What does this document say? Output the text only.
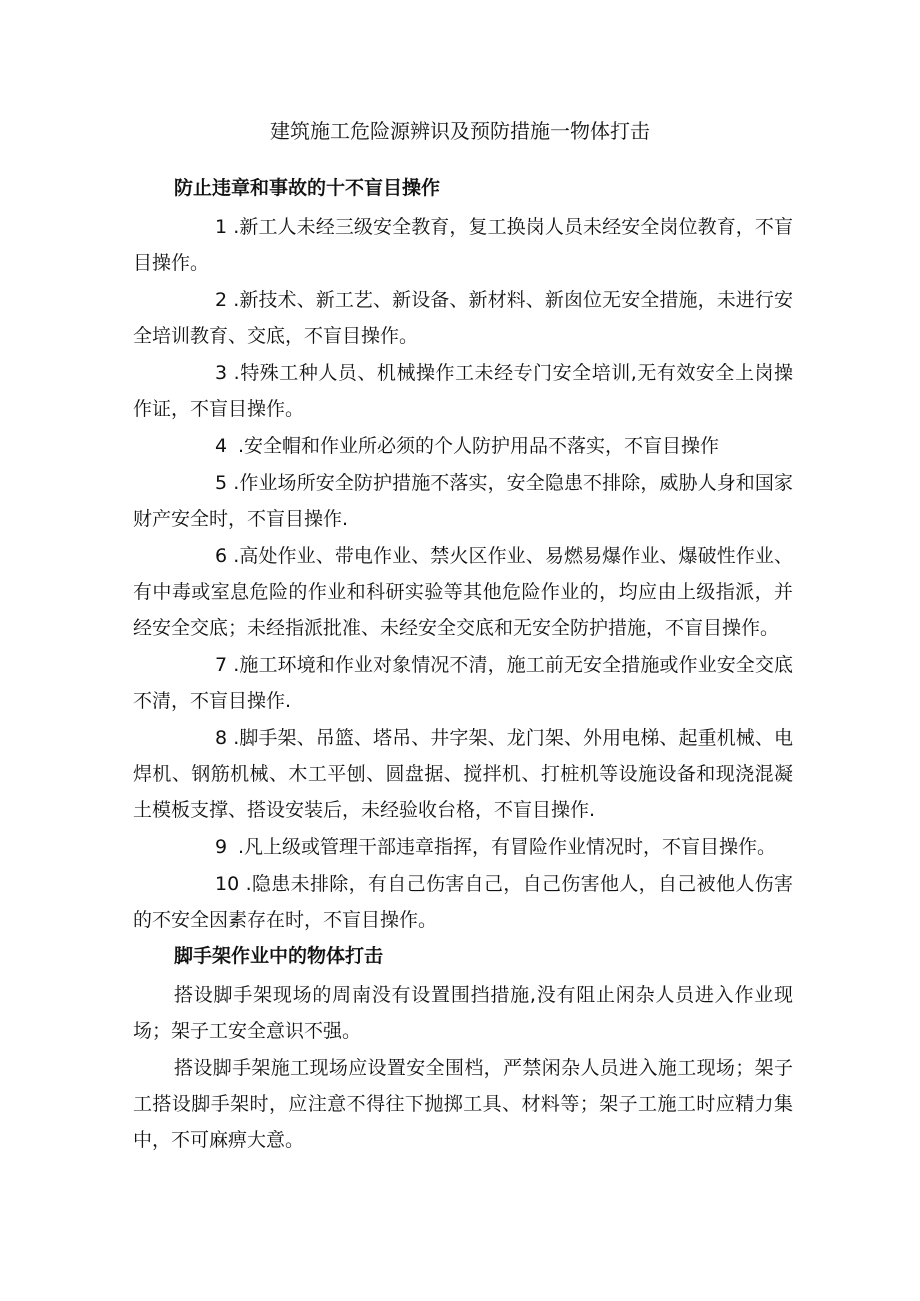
建筑施工危险源辨识及预防措施一物体打击

防止违章和事故的十不盲目操作

1 .新工人未经三级安全教育，复工换岗人员未经安全岗位教育，不盲目操作。

2 .新技术、新工艺、新设备、新材料、新囱位无安全措施，未进行安全培训教育、交底，不盲目操作。

3 .特殊工种人员、机械操作工未经专门安全培训,无有效安全上岗操作证，不盲目操作。

4 .安全帽和作业所必须的个人防护用品不落实，不盲目操作

5 .作业场所安全防护措施不落实，安全隐患不排除，威胁人身和国家财产安全时，不盲目操作.

6 .高处作业、带电作业、禁火区作业、易燃易爆作业、爆破性作业、有中毒或室息危险的作业和科研实验等其他危险作业的，均应由上级指派，并经安全交底；未经指派批准、未经安全交底和无安全防护措施，不盲目操作。

7 .施工环境和作业对象情况不清，施工前无安全措施或作业安全交底不清，不盲目操作.

8 .脚手架、吊篮、塔吊、井字架、龙门架、外用电梯、起重机械、电焊机、钢筋机械、木工平刨、圆盘据、搅拌机、打桩机等设施设备和现浇混凝土模板支撑、搭设安装后，未经验收台格，不盲目操作.

9 .凡上级或管理干部违章指挥，有冒险作业情况时，不盲目操作。

10 .隐患未排除，有自己伤害自己，自己伤害他人，自己被他人伤害的不安全因素存在时，不盲目操作。

脚手架作业中的物体打击

搭设脚手架现场的周南没有设置围挡措施,没有阻止闲杂人员进入作业现场；架子工安全意识不强。

搭设脚手架施工现场应设置安全围档，严禁闲杂人员进入施工现场；架子工搭设脚手架时，应注意不得往下抛掷工具、材料等；架子工施工时应精力集中，不可麻痹大意。
